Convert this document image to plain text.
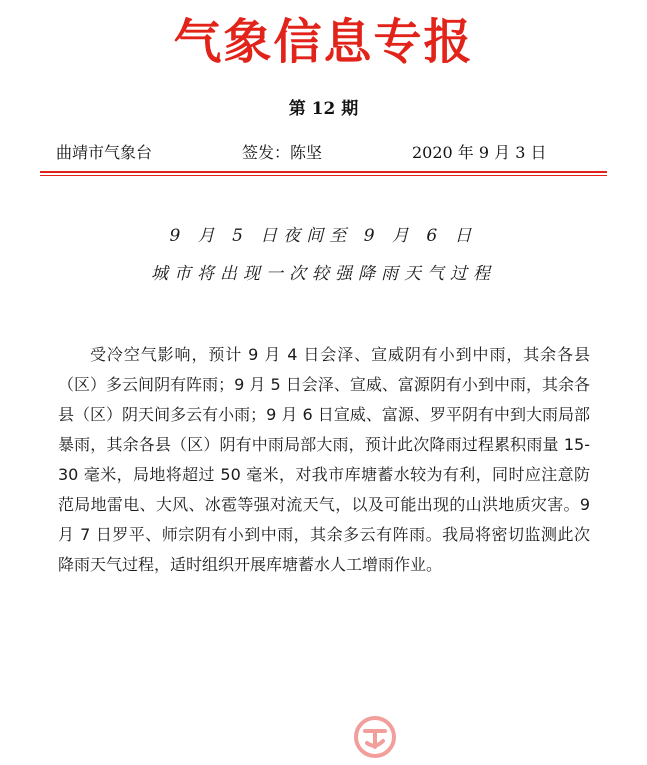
气象信息专报
第 12 期
曲靖市气象台	签发：陈坚	2020 年 9 月 3 日
9 月 5 日夜间至 9 月 6 日
城市将出现一次较强降雨天气过程

受冷空气影响，预计 9 月 4 日会泽、宣威阴有小到中雨，其余各县（区）多云间阴有阵雨；9 月 5 日会泽、宣威、富源阴有小到中雨，其余各县（区）阴天间多云有小雨；9 月 6 日宣威、富源、罗平阴有中到大雨局部暴雨，其余各县（区）阴有中雨局部大雨，预计此次降雨过程累积雨量 15-30 毫米，局地将超过 50 毫米，对我市库塘蓄水较为有利，同时应注意防范局地雷电、大风、冰雹等强对流天气，以及可能出现的山洪地质灾害。9 月 7 日罗平、师宗阴有小到中雨，其余多云有阵雨。我局将密切监测此次降雨天气过程，适时组织开展库塘蓄水人工增雨作业。
